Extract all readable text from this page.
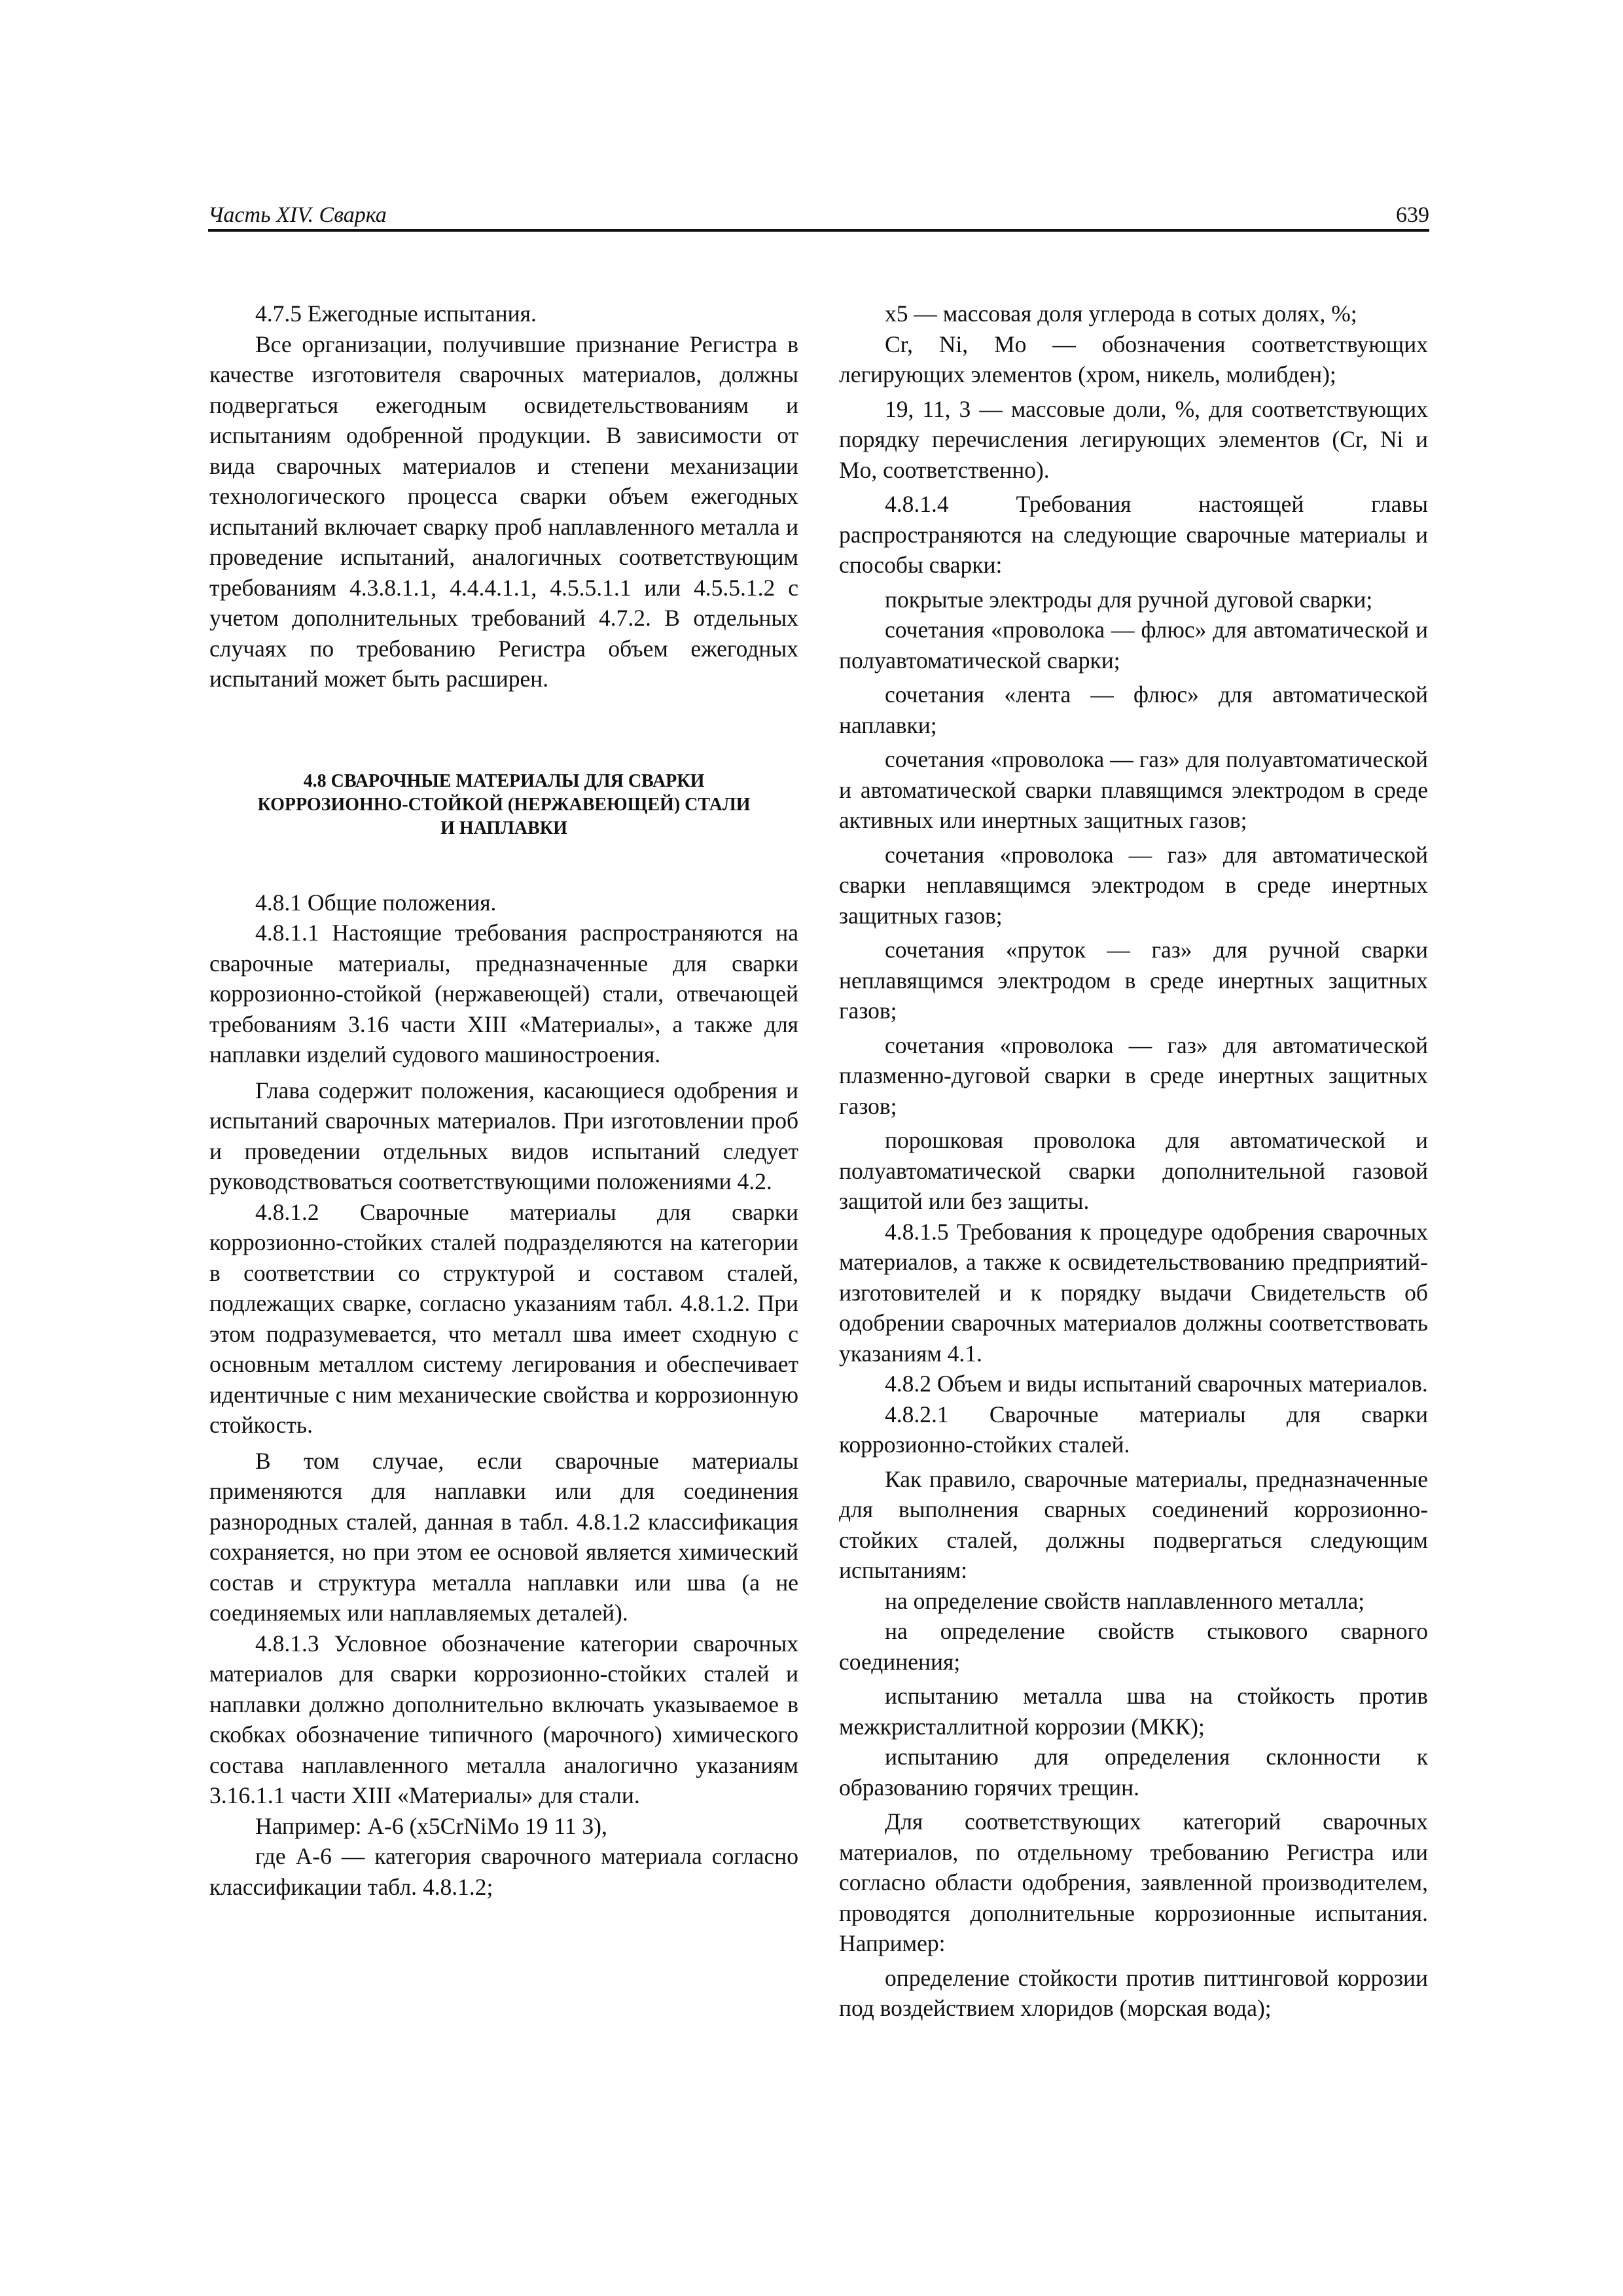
Часть XIV. Сварка	639

4.7.5 Ежегодные испытания.

Все организации, получившие признание Регистра в качестве изготовителя сварочных материалов, должны подвергаться ежегодным освидетельствованиям и испытаниям одобренной продукции. В зависимости от вида сварочных материалов и степени механизации технологического процесса сварки объем ежегодных испытаний включает сварку проб наплавленного металла и проведение испытаний, аналогичных соответствующим требованиям 4.3.8.1.1, 4.4.4.1.1, 4.5.5.1.1 или 4.5.5.1.2 с учетом дополнительных требований 4.7.2. В отдельных случаях по требованию Регистра объем ежегодных испытаний может быть расширен.

4.8 СВАРОЧНЫЕ МАТЕРИАЛЫ ДЛЯ СВАРКИ
КОРРОЗИОННО-СТОЙКОЙ (НЕРЖАВЕЮЩЕЙ) СТАЛИ
И НАПЛАВКИ

4.8.1 Общие положения.

4.8.1.1 Настоящие требования распространяются на сварочные материалы, предназначенные для сварки коррозионно-стойкой (нержавеющей) стали, отвечающей требованиям 3.16 части XIII «Материалы», а также для наплавки изделий судового машиностроения.

Глава содержит положения, касающиеся одобрения и испытаний сварочных материалов. При изготовлении проб и проведении отдельных видов испытаний следует руководствоваться соответствующими положениями 4.2.

4.8.1.2 Сварочные материалы для сварки коррозионно-стойких сталей подразделяются на категории в соответствии со структурой и составом сталей, подлежащих сварке, согласно указаниям табл. 4.8.1.2. При этом подразумевается, что металл шва имеет сходную с основным металлом систему легирования и обеспечивает идентичные с ним механические свойства и коррозионную стойкость.

В том случае, если сварочные материалы применяются для наплавки или для соединения разнородных сталей, данная в табл. 4.8.1.2 классификация сохраняется, но при этом ее основой является химический состав и структура металла наплавки или шва (а не соединяемых или наплавляемых деталей).

4.8.1.3 Условное обозначение категории сварочных материалов для сварки коррозионно-стойких сталей и наплавки должно дополнительно включать указываемое в скобках обозначение типичного (марочного) химического состава наплавленного металла аналогично указаниям 3.16.1.1 части XIII «Материалы» для стали.

Например: A-6 (x5CrNiMo 19 11 3),

где A-6 — категория сварочного материала согласно классификации табл. 4.8.1.2;

x5 — массовая доля углерода в сотых долях, %;

Cr, Ni, Mo — обозначения соответствующих легирующих элементов (хром, никель, молибден);

19, 11, 3 — массовые доли, %, для соответствующих порядку перечисления легирующих элементов (Cr, Ni и Mo, соответственно).

4.8.1.4 Требования настоящей главы распространяются на следующие сварочные материалы и способы сварки:

покрытые электроды для ручной дуговой сварки;

сочетания «проволока — флюс» для автоматической и полуавтоматической сварки;

сочетания «лента — флюс» для автоматической наплавки;

сочетания «проволока — газ» для полуавтоматической и автоматической сварки плавящимся электродом в среде активных или инертных защитных газов;

сочетания «проволока — газ» для автоматической сварки неплавящимся электродом в среде инертных защитных газов;

сочетания «пруток — газ» для ручной сварки неплавящимся электродом в среде инертных защитных газов;

сочетания «проволока — газ» для автоматической плазменно-дуговой сварки в среде инертных защитных газов;

порошковая проволока для автоматической и полуавтоматической сварки дополнительной газовой защитой или без защиты.

4.8.1.5 Требования к процедуре одобрения сварочных материалов, а также к освидетельствованию предприятий-изготовителей и к порядку выдачи Свидетельств об одобрении сварочных материалов должны соответствовать указаниям 4.1.

4.8.2 Объем и виды испытаний сварочных материалов.

4.8.2.1 Сварочные материалы для сварки коррозионно-стойких сталей.

Как правило, сварочные материалы, предназначенные для выполнения сварных соединений коррозионно-стойких сталей, должны подвергаться следующим испытаниям:

на определение свойств наплавленного металла;

на определение свойств стыкового сварного соединения;

испытанию металла шва на стойкость против межкристаллитной коррозии (МКК);

испытанию для определения склонности к образованию горячих трещин.

Для соответствующих категорий сварочных материалов, по отдельному требованию Регистра или согласно области одобрения, заявленной производителем, проводятся дополнительные коррозионные испытания. Например:

определение стойкости против питтинговой коррозии под воздействием хлоридов (морская вода);
